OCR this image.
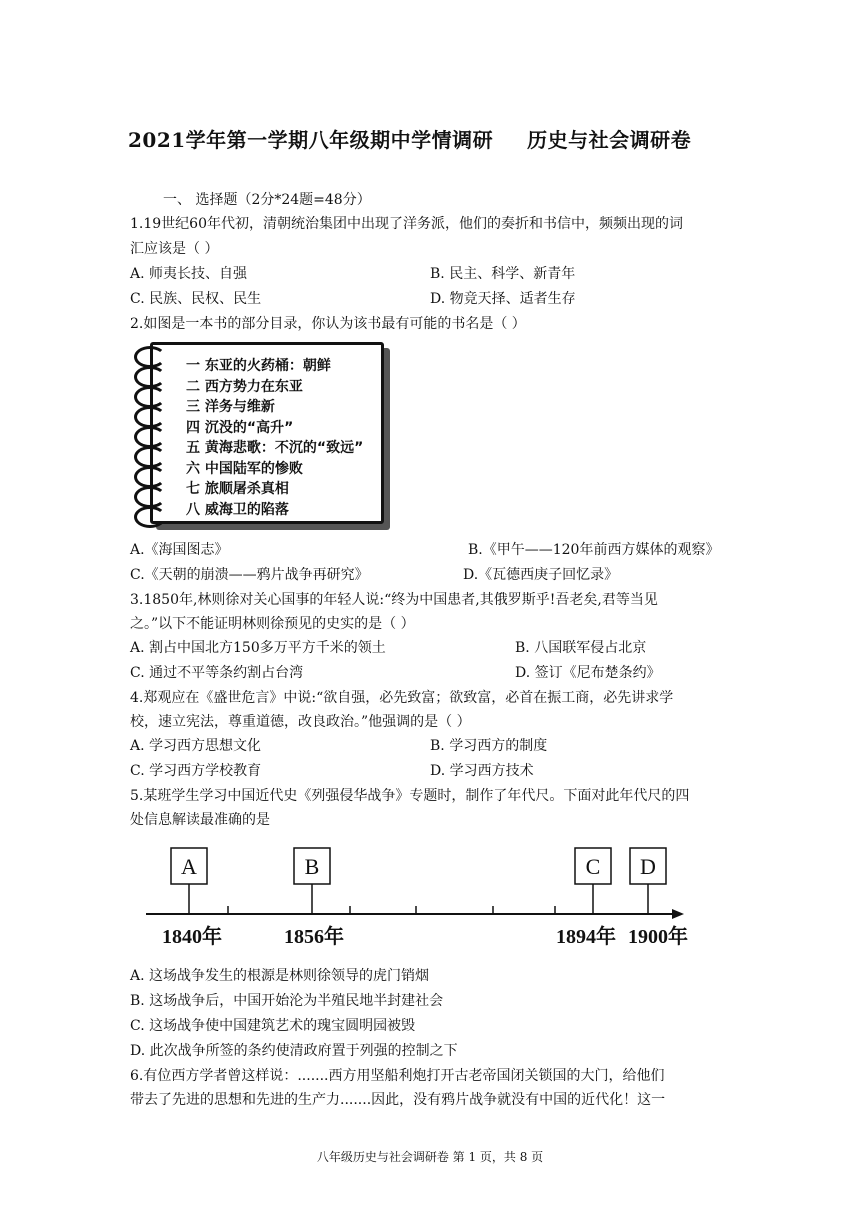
2021学年第一学期八年级期中学情调研 历史与社会调研卷
一、 选择题（2分*24题=48分）
1.19世纪60年代初，清朝统治集团中出现了洋务派，他们的奏折和书信中，频频出现的词
汇应该是（ ）
A. 师夷长技、自强	B. 民主、科学、新青年
C. 民族、民权、民生	D. 物竞天择、适者生存
2.如图是一本书的部分目录，你认为该书最有可能的书名是（ ）
一 东亚的火药桶：朝鲜
二 西方势力在东亚
三 洋务与维新
四 沉没的“高升”
五 黄海悲歌：不沉的“致远”
六 中国陆军的惨败
七 旅顺屠杀真相
八 威海卫的陷落
A.《海国图志》	B.《甲午——120年前西方媒体的观察》
C.《天朝的崩溃——鸦片战争再研究》	D.《瓦德西庚子回忆录》
3.1850年,林则徐对关心国事的年轻人说:“终为中国患者,其俄罗斯乎!吾老矣,君等当见
之。”以下不能证明林则徐预见的史实的是（ ）
A. 割占中国北方150多万平方千米的领土	B. 八国联军侵占北京
C. 通过不平等条约割占台湾	D. 签订《尼布楚条约》
4.郑观应在《盛世危言》中说:“欲自强，必先致富；欲致富，必首在振工商，必先讲求学
校，速立宪法，尊重道德，改良政治。”他强调的是（ ）
A. 学习西方思想文化	B. 学习西方的制度
C. 学习西方学校教育	D. 学习西方技术
5.某班学生学习中国近代史《列强侵华战争》专题时，制作了年代尺。下面对此年代尺的四
处信息解读最准确的是
A	B	C D
1840年	1856年	1894年 1900年
A. 这场战争发生的根源是林则徐领导的虎门销烟
B. 这场战争后，中国开始沦为半殖民地半封建社会
C. 这场战争使中国建筑艺术的瑰宝圆明园被毁
D. 此次战争所签的条约使清政府置于列强的控制之下
6.有位西方学者曾这样说：.......西方用坚船利炮打开古老帝国闭关锁国的大门，给他们
带去了先进的思想和先进的生产力.......因此，没有鸦片战争就没有中国的近代化！这一
八年级历史与社会调研卷 第 1 页，共 8 页
